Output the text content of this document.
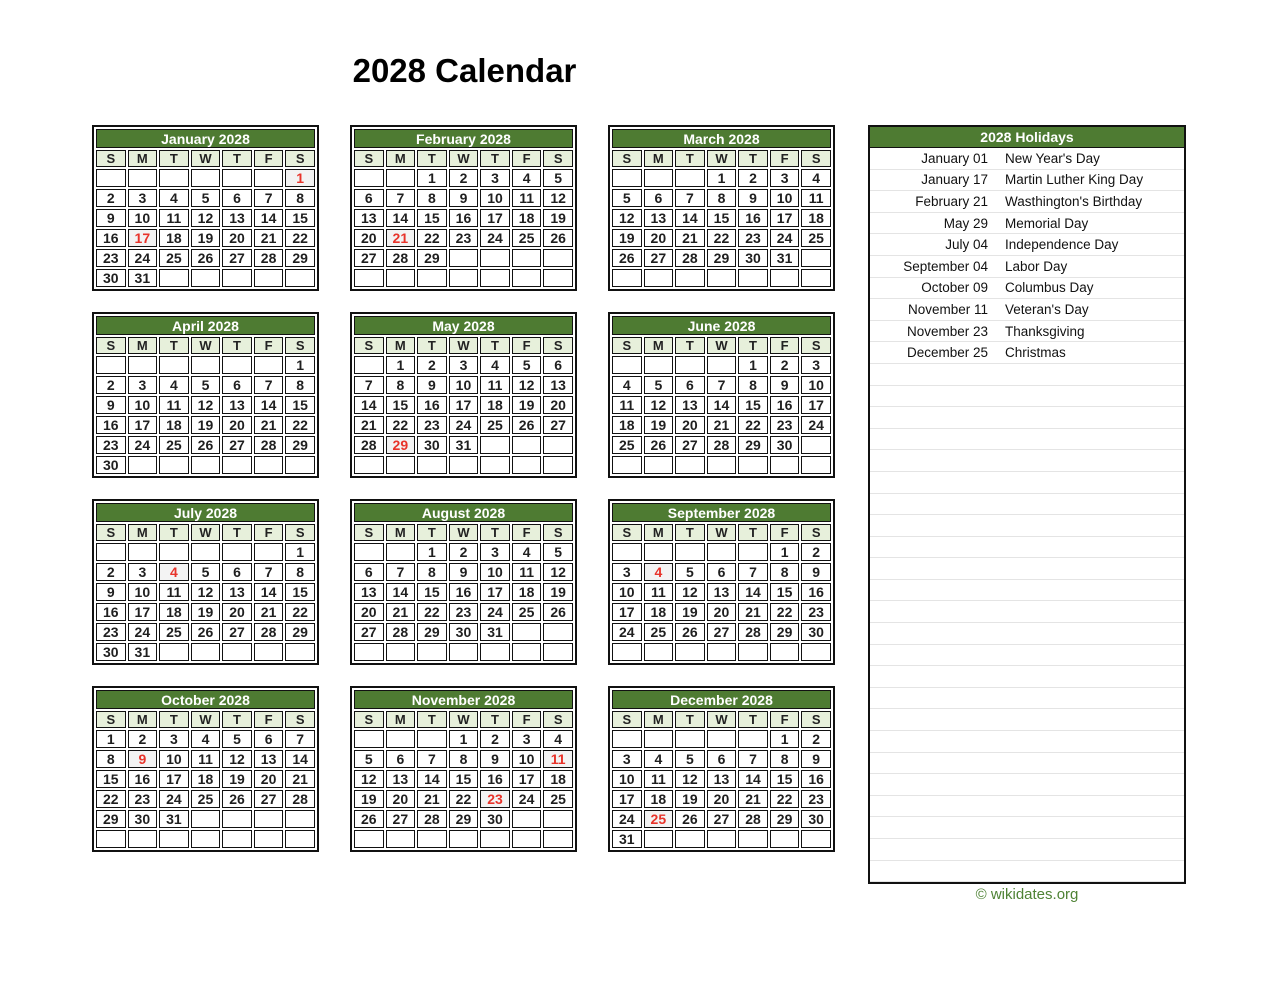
2028 Calendar
January 2028						
S	M	T	W	T	F	S
						1
2	3	4	5	6	7	8
9	10	11	12	13	14	15
16	17	18	19	20	21	22
23	24	25	26	27	28	29
30	31					
February 2028						
S	M	T	W	T	F	S
		1	2	3	4	5
6	7	8	9	10	11	12
13	14	15	16	17	18	19
20	21	22	23	24	25	26
27	28	29				

March 2028						
S	M	T	W	T	F	S
			1	2	3	4
5	6	7	8	9	10	11
12	13	14	15	16	17	18
19	20	21	22	23	24	25
26	27	28	29	30	31	

April 2028						
S	M	T	W	T	F	S
						1
2	3	4	5	6	7	8
9	10	11	12	13	14	15
16	17	18	19	20	21	22
23	24	25	26	27	28	29
30						
May 2028						
S	M	T	W	T	F	S
	1	2	3	4	5	6
7	8	9	10	11	12	13
14	15	16	17	18	19	20
21	22	23	24	25	26	27
28	29	30	31			

June 2028						
S	M	T	W	T	F	S
				1	2	3
4	5	6	7	8	9	10
11	12	13	14	15	16	17
18	19	20	21	22	23	24
25	26	27	28	29	30	

July 2028						
S	M	T	W	T	F	S
						1
2	3	4	5	6	7	8
9	10	11	12	13	14	15
16	17	18	19	20	21	22
23	24	25	26	27	28	29
30	31					
August 2028						
S	M	T	W	T	F	S
		1	2	3	4	5
6	7	8	9	10	11	12
13	14	15	16	17	18	19
20	21	22	23	24	25	26
27	28	29	30	31		

September 2028						
S	M	T	W	T	F	S
					1	2
3	4	5	6	7	8	9
10	11	12	13	14	15	16
17	18	19	20	21	22	23
24	25	26	27	28	29	30

October 2028						
S	M	T	W	T	F	S
1	2	3	4	5	6	7
8	9	10	11	12	13	14
15	16	17	18	19	20	21
22	23	24	25	26	27	28
29	30	31				

November 2028						
S	M	T	W	T	F	S
			1	2	3	4
5	6	7	8	9	10	11
12	13	14	15	16	17	18
19	20	21	22	23	24	25
26	27	28	29	30		

December 2028						
S	M	T	W	T	F	S
					1	2
3	4	5	6	7	8	9
10	11	12	13	14	15	16
17	18	19	20	21	22	23
24	25	26	27	28	29	30
31						
2028 Holidays
January 01	New Year's Day
January 17	Martin Luther King Day
February 21	Wasthington's Birthday
May 29	Memorial Day
July 04	Independence Day
September 04	Labor Day
October 09	Columbus Day
November 11	Veteran's Day
November 23	Thanksgiving
December 25	Christmas
© wikidates.org
